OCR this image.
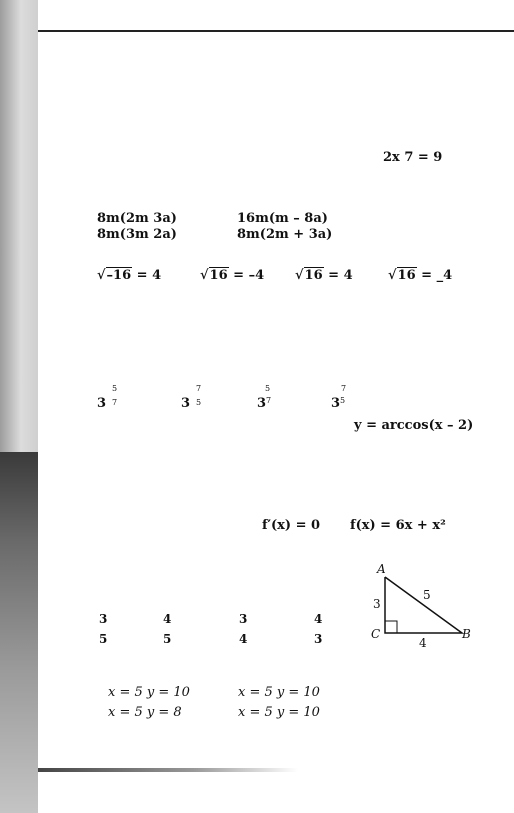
2x 7 = 9
8m(2m 3a)	16m(m – 8a)
8m(3m 2a)	8m(2m + 3a)
√–16 = 4	√16 = –4 √16 = 4	√16 = _4
5
3 7
7
3 5
5
3 7
7
3 5
y = arccos(x – 2)
f′(x) = 0 f(x) = 6x + x²
3	4	3	4
5	5	4	3
A
B
C
3
5
4
x = 5 y = 10	x = 5 y = 10
x = 5 y = 8	x = 5 y = 10
